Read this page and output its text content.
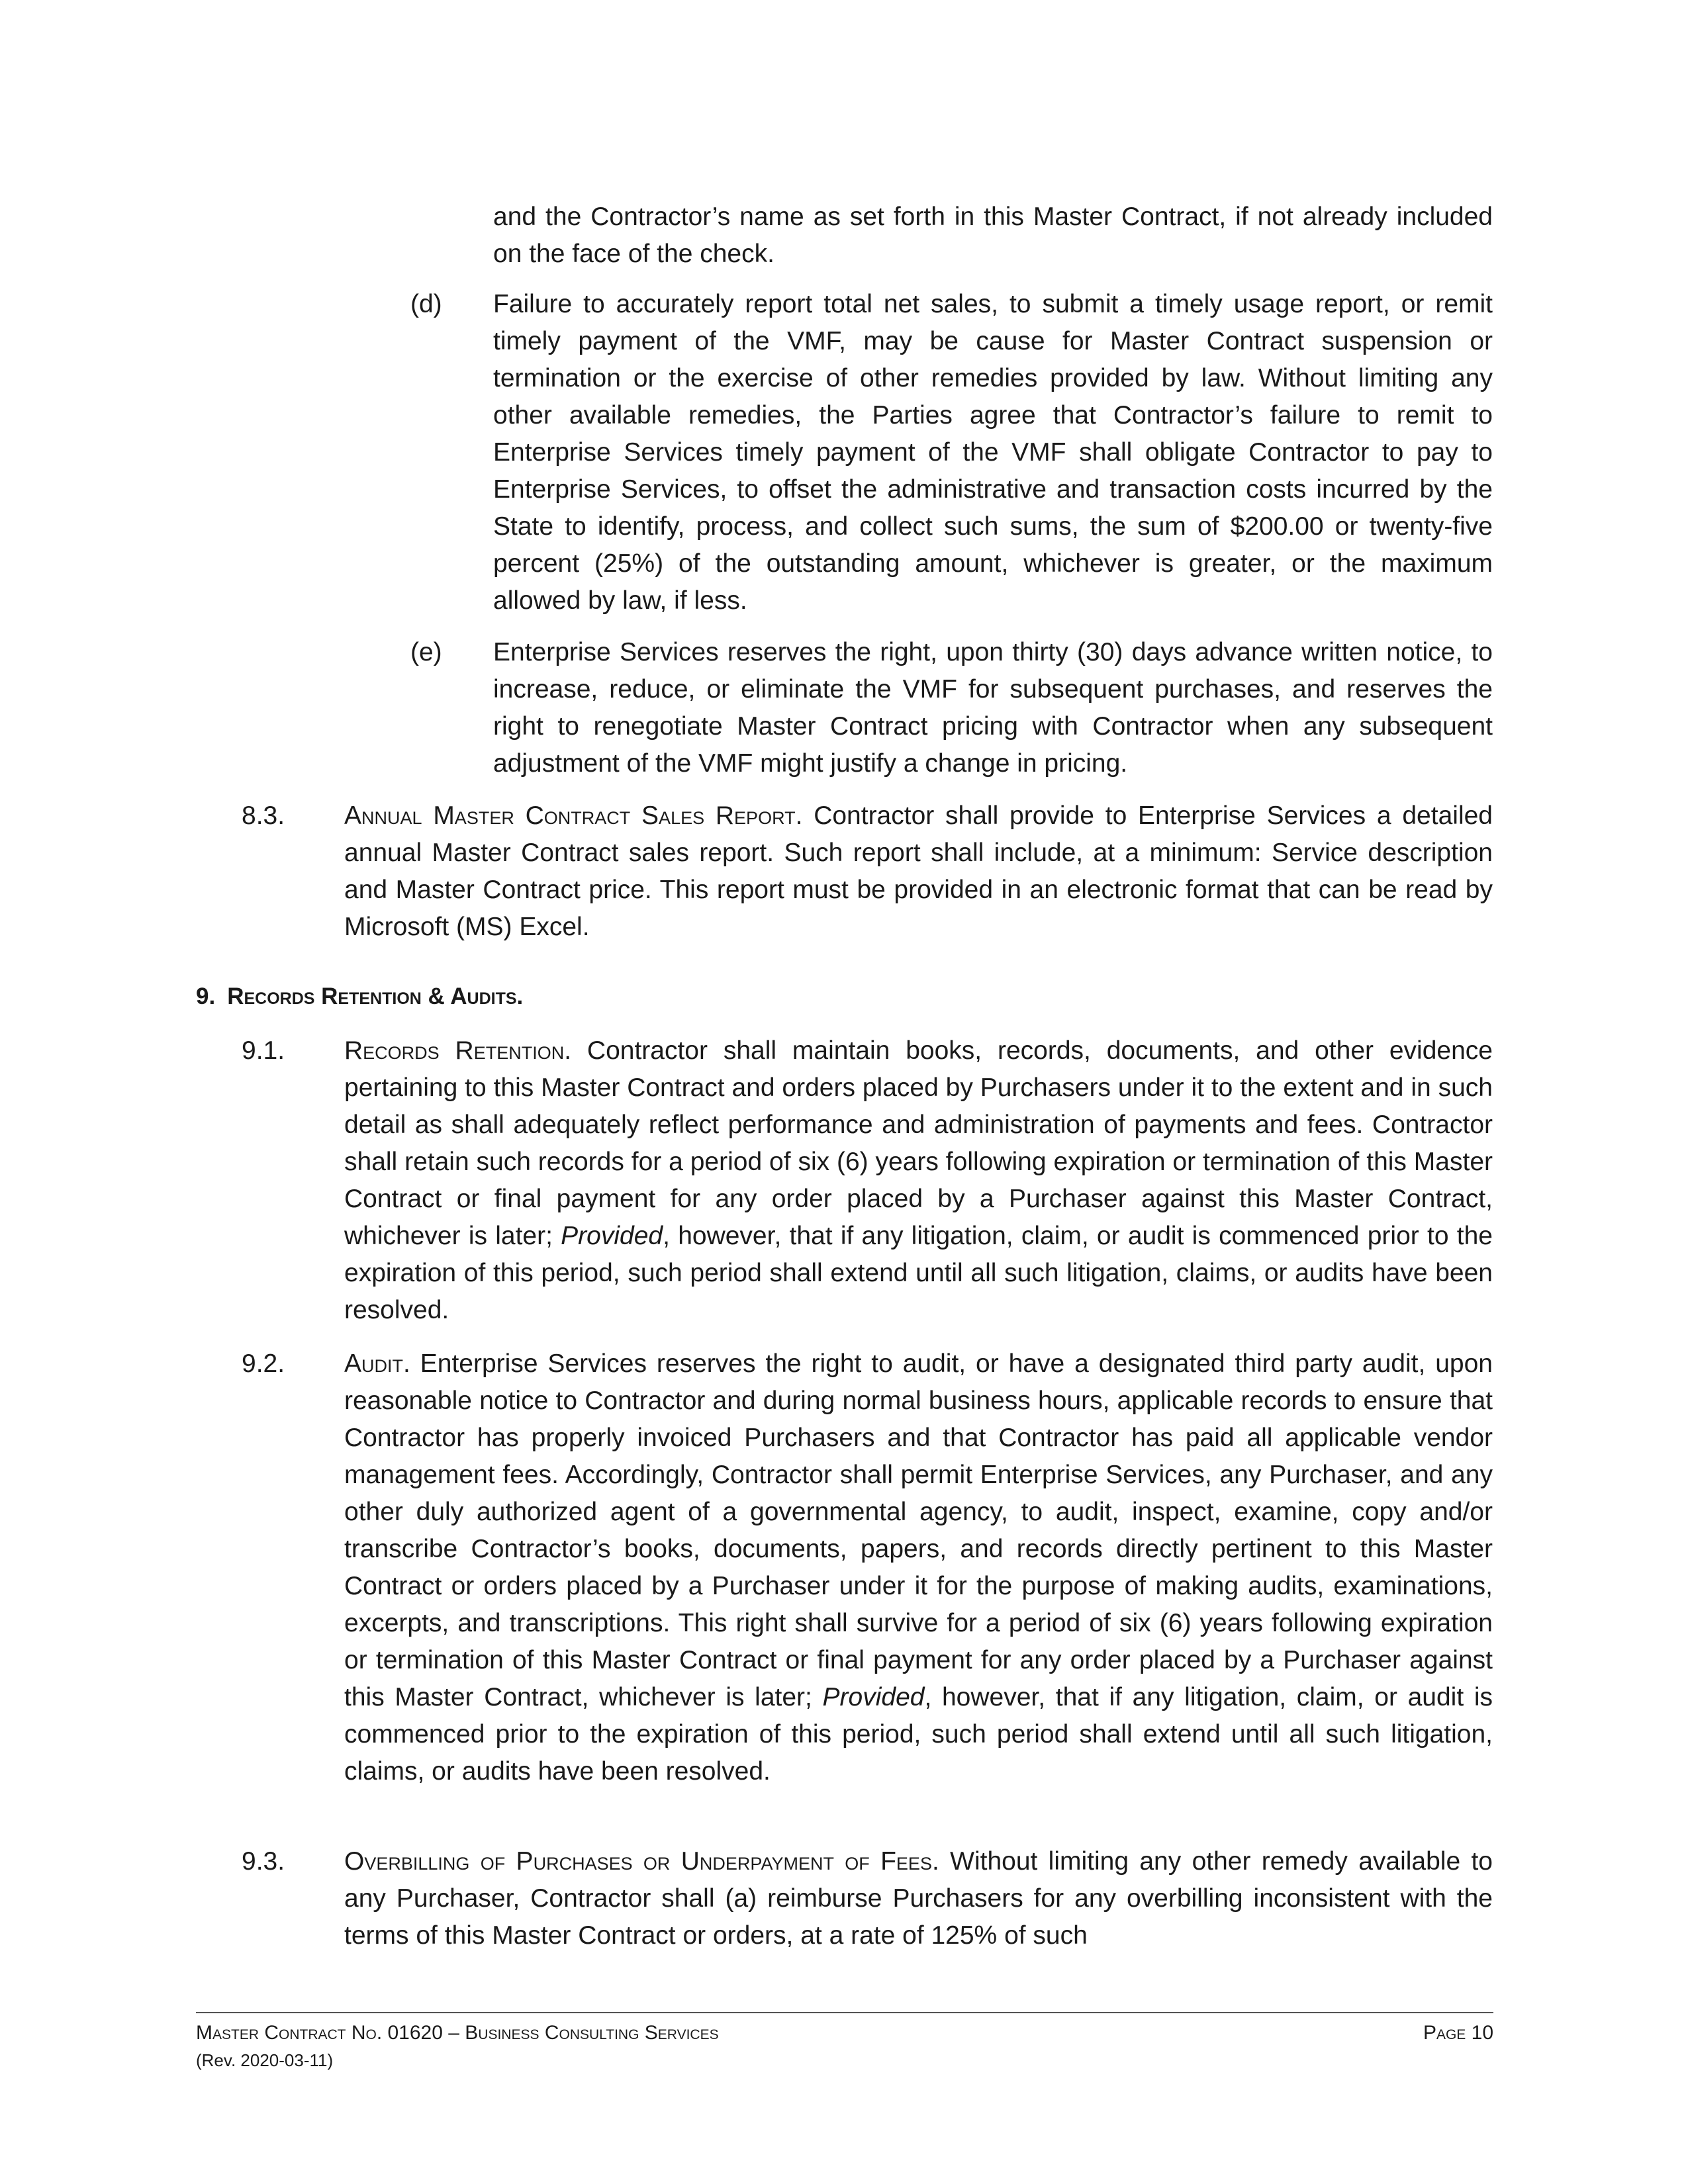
and the Contractor’s name as set forth in this Master Contract, if not already included on the face of the check.

(d) Failure to accurately report total net sales, to submit a timely usage report, or remit timely payment of the VMF, may be cause for Master Contract suspension or termination or the exercise of other remedies provided by law. Without limiting any other available remedies, the Parties agree that Contractor’s failure to remit to Enterprise Services timely payment of the VMF shall obligate Contractor to pay to Enterprise Services, to offset the administrative and transaction costs incurred by the State to identify, process, and collect such sums, the sum of $200.00 or twenty-five percent (25%) of the outstanding amount, whichever is greater, or the maximum allowed by law, if less.

(e) Enterprise Services reserves the right, upon thirty (30) days advance written notice, to increase, reduce, or eliminate the VMF for subsequent purchases, and reserves the right to renegotiate Master Contract pricing with Contractor when any subsequent adjustment of the VMF might justify a change in pricing.

8.3. Annual Master Contract Sales Report. Contractor shall provide to Enterprise Services a detailed annual Master Contract sales report. Such report shall include, at a minimum: Service description and Master Contract price. This report must be provided in an electronic format that can be read by Microsoft (MS) Excel.

9. Records Retention & Audits.
9.1. Records Retention. Contractor shall maintain books, records, documents, and other evidence pertaining to this Master Contract and orders placed by Purchasers under it to the extent and in such detail as shall adequately reflect performance and administration of payments and fees. Contractor shall retain such records for a period of six (6) years following expiration or termination of this Master Contract or final payment for any order placed by a Purchaser against this Master Contract, whichever is later; Provided, however, that if any litigation, claim, or audit is commenced prior to the expiration of this period, such period shall extend until all such litigation, claims, or audits have been resolved.

9.2. Audit. Enterprise Services reserves the right to audit, or have a designated third party audit, upon reasonable notice to Contractor and during normal business hours, applicable records to ensure that Contractor has properly invoiced Purchasers and that Contractor has paid all applicable vendor management fees. Accordingly, Contractor shall permit Enterprise Services, any Purchaser, and any other duly authorized agent of a governmental agency, to audit, inspect, examine, copy and/or transcribe Contractor’s books, documents, papers, and records directly pertinent to this Master Contract or orders placed by a Purchaser under it for the purpose of making audits, examinations, excerpts, and transcriptions. This right shall survive for a period of six (6) years following expiration or termination of this Master Contract or final payment for any order placed by a Purchaser against this Master Contract, whichever is later; Provided, however, that if any litigation, claim, or audit is commenced prior to the expiration of this period, such period shall extend until all such litigation, claims, or audits have been resolved.

9.3. Overbilling of Purchases or Underpayment of Fees. Without limiting any other remedy available to any Purchaser, Contractor shall (a) reimburse Purchasers for any overbilling inconsistent with the terms of this Master Contract or orders, at a rate of 125% of such

Master Contract No. 01620 – Business Consulting Services
(Rev. 2020-03-11)
Page 10
